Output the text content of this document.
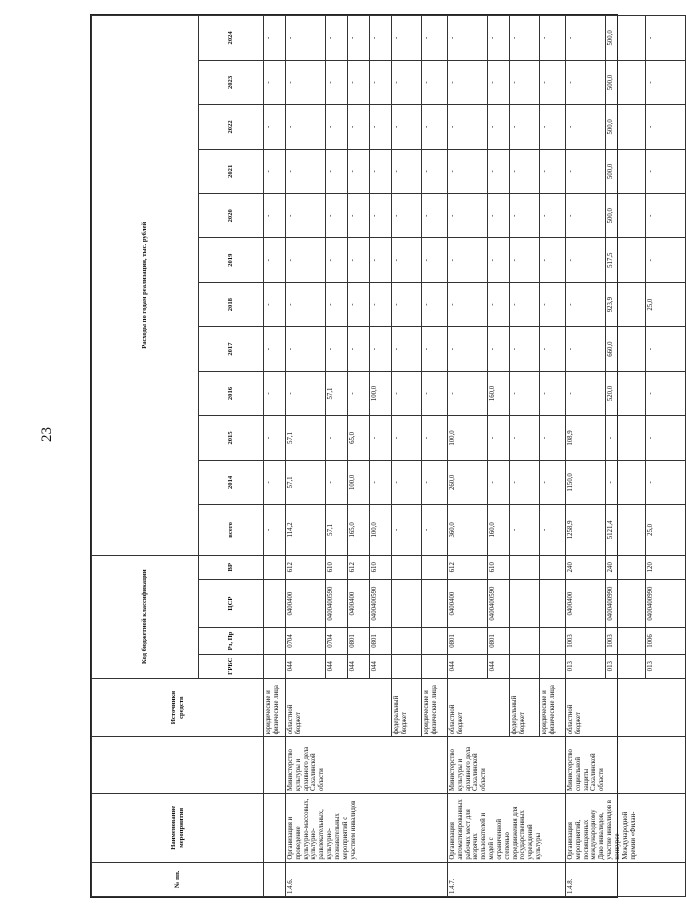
23
№ пп.	Наименование мероприятия		Источники средств	Код бюджетной классификации				Расходы по годам реализации, тыс. рублей											
				ГРБС	Рз, Пр	ЦСР	ВР	всего	2014	2015	2016	2017	2018	2019	2020	2021	2022	2023	2024
			юридические и физические лица					-	-	-	-	-	-	-	-	-	-	-	-
1.4.6.	Организация и проведение культурно-массовых, культурно-развлекательных, культурно-познавательных мероприятий с участием инвалидов	Министерство культуры и архивного дела Сахалинской области	областной бюджет	044	0704	0400400	612	114,2	57,1	57,1	-	-	-	-	-	-	-	-	-
				044	0704	0400400590	610	57,1	-	-	57,1	-	-	-	-	-	-	-	-
				044	0801	0400400	612	165,0	100,0	65,0	-	-	-	-	-	-	-	-	-
				044	0801	0400400590	610	100,0	-	-	100,0	-	-	-	-	-	-	-	-
			федеральный бюджет					-	-	-	-	-	-	-	-	-	-	-	-
			юридические и физические лица					-	-	-	-	-	-	-	-	-	-	-	-
1.4.7.	Организация автоматизированных рабочих мест для незрячих пользователей и модей с ограниченной степенью передвижения для государственных учреждений культуры	Министерство культуры и архивного дела Сахалинской области	областной бюджет	044	0801	0400400	612	360,0	260,0	100,0	-	-	-	-	-	-	-	-	-
				044	0801	0400400590	610	160,0	-	-	160,0	-	-	-	-	-	-	-	-
			федеральный бюджет					-	-	-	-	-	-	-	-	-	-	-	-
			юридические и физические лица					-	-	-	-	-	-	-	-	-	-	-	-
1.4.8.	Организация мероприятий, посвященных международному Дню инвалидов, участие инвалидов в конкурсе Международной премии «Филан-	Министерство социальной защиты Сахалинской области	областной бюджет	013	1003	0400400	240	1258,9	1150,0	108,9	-	-	-	-	-	-	-	-	-
				013	1003	0400400990	240	5121,4	-	-	520,0	660,0	923,9	517,5	500,0	500,0	500,0	500,0	500,0
				013	1006	0400400990	120	25,0	-	-	-	-	25,0	-	-	-	-	-	-
